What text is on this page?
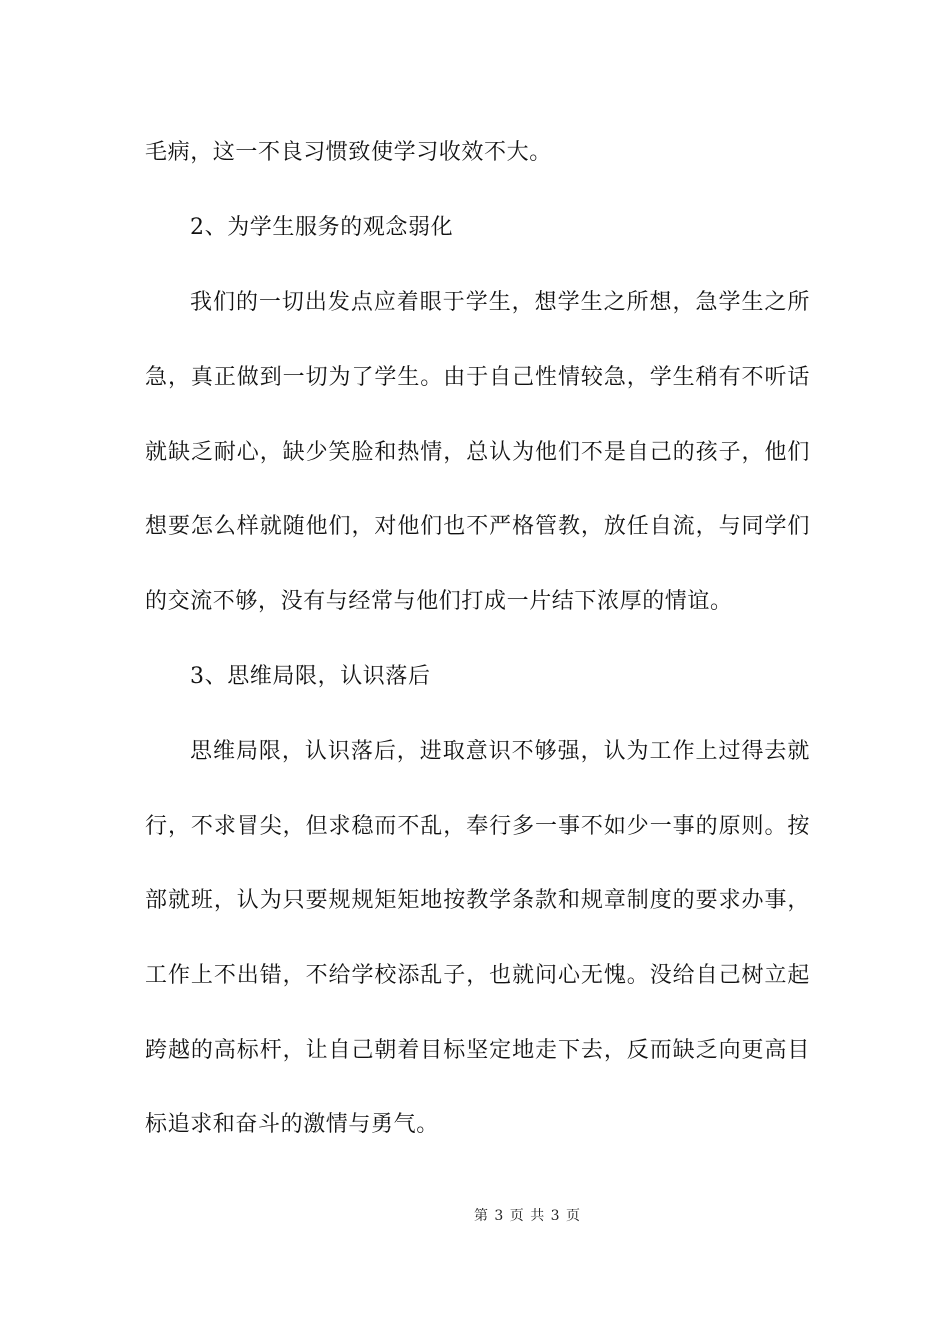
毛病，这一不良习惯致使学习收效不大。
2、为学生服务的观念弱化
我们的一切出发点应着眼于学生，想学生之所想，急学生之所
急，真正做到一切为了学生。由于自己性情较急，学生稍有不听话
就缺乏耐心，缺少笑脸和热情，总认为他们不是自己的孩子，他们
想要怎么样就随他们，对他们也不严格管教，放任自流，与同学们
的交流不够，没有与经常与他们打成一片结下浓厚的情谊。
3、思维局限，认识落后
思维局限，认识落后，进取意识不够强，认为工作上过得去就
行，不求冒尖，但求稳而不乱，奉行多一事不如少一事的原则。按
部就班，认为只要规规矩矩地按教学条款和规章制度的要求办事，
工作上不出错，不给学校添乱子，也就问心无愧。没给自己树立起
跨越的高标杆，让自己朝着目标坚定地走下去，反而缺乏向更高目
标追求和奋斗的激情与勇气。
第 3 页 共 3 页
